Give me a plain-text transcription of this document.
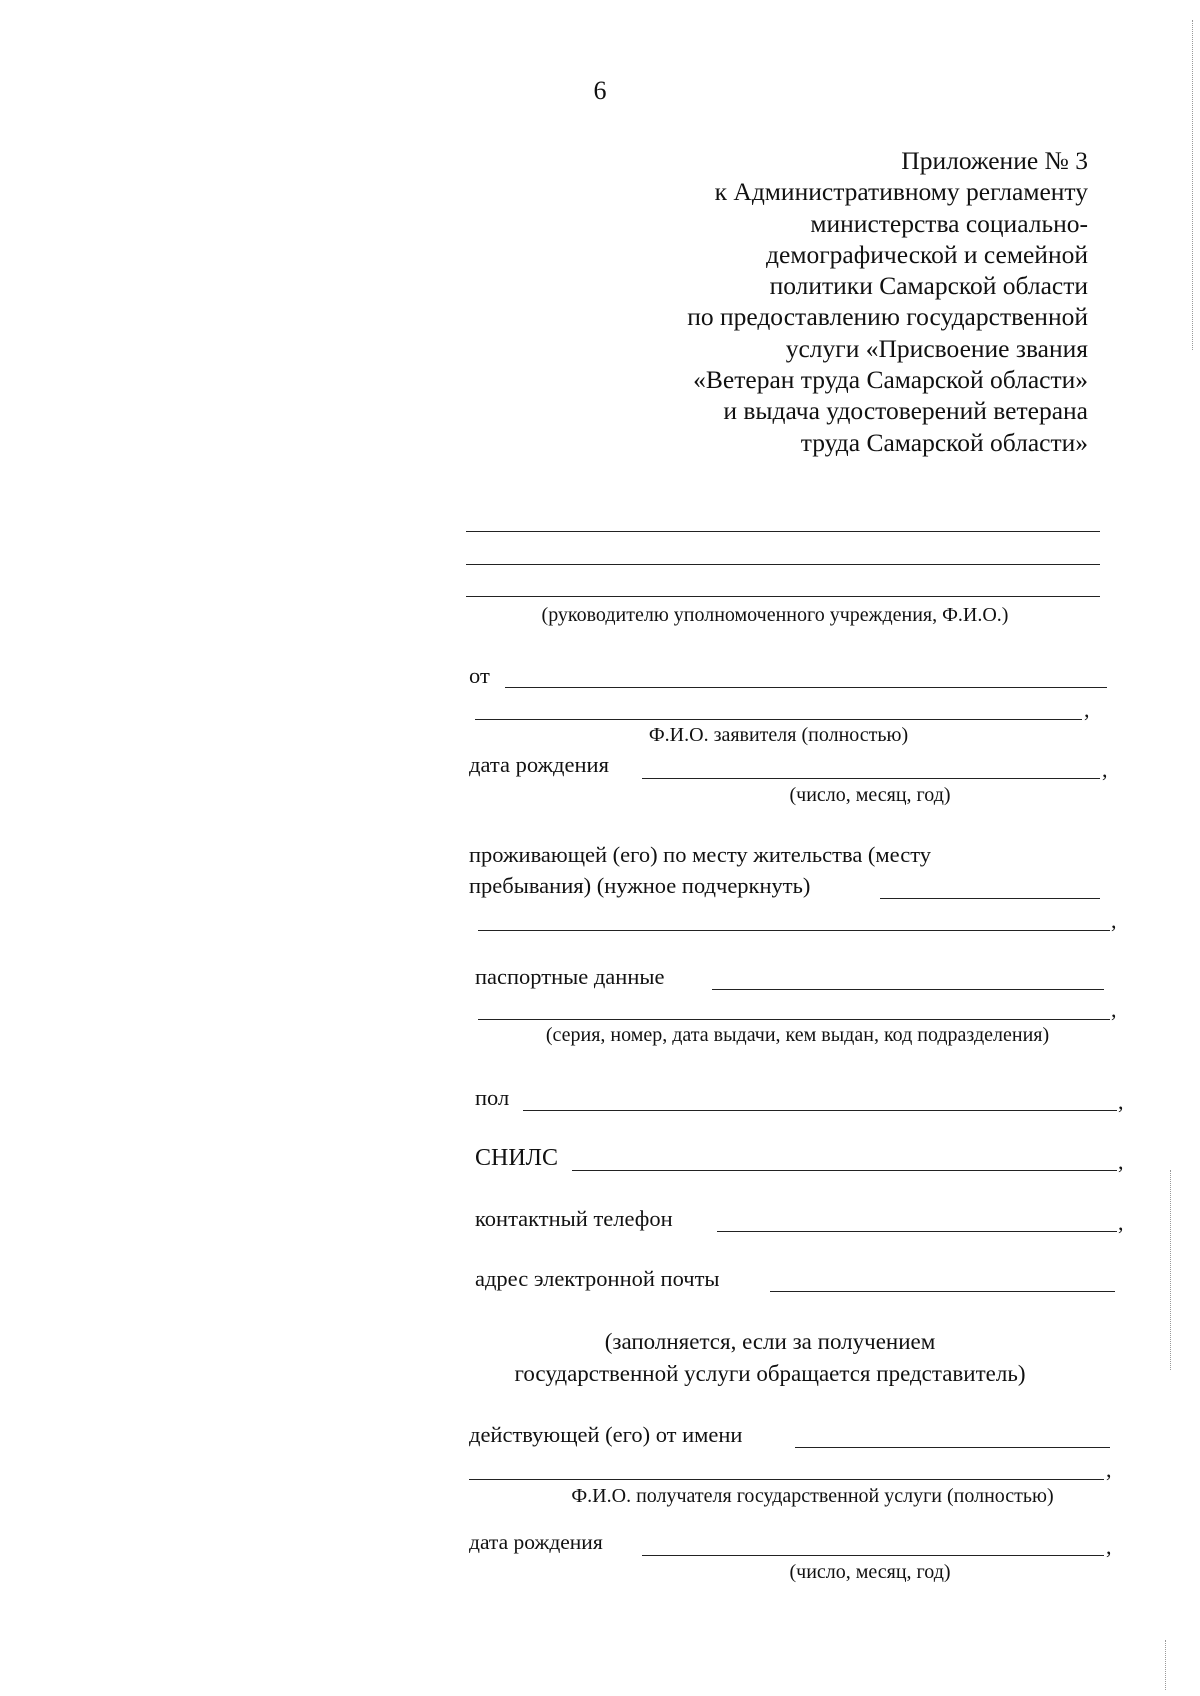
6
Приложение № 3
к Административному регламенту
министерства социально-
демографической и семейной
политики Самарской области
по предоставлению государственной
услуги «Присвоение звания
«Ветеран труда Самарской области»
и выдача удостоверений ветерана
труда Самарской области»
(руководителю уполномоченного учреждения, Ф.И.О.)
от
,
Ф.И.О. заявителя (полностью)
дата рождения	,
(число, месяц, год)
проживающей (его) по месту жительства (месту
пребывания) (нужное подчеркнуть)
,
паспортные данные
,
(серия, номер, дата выдачи, кем выдан, код подразделения)
пол	,
СНИЛС	,
контактный телефон	,
адрес электронной почты
(заполняется, если за получением
государственной услуги обращается представитель)
действующей (его) от имени
,
Ф.И.О. получателя государственной услуги (полностью)
дата рождения	,
(число, месяц, год)
